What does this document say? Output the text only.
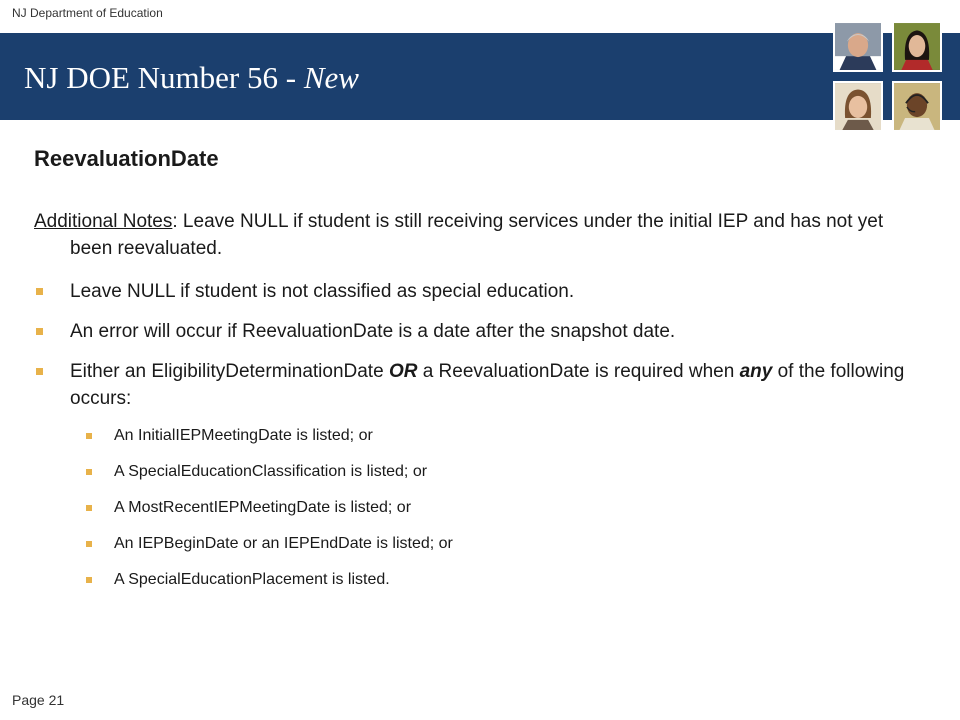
NJ Department of Education
NJ DOE Number 56 - New
ReevaluationDate

Additional Notes: Leave NULL if student is still receiving services under the initial IEP and has not yet been reevaluated.

Leave NULL if student is not classified as special education.
An error will occur if ReevaluationDate is a date after the snapshot date.
Either an EligibilityDeterminationDate OR a ReevaluationDate is required when any of the following occurs:
An InitialIEPMeetingDate is listed; or
A SpecialEducationClassification is listed; or
A MostRecentIEPMeetingDate is listed; or
An IEPBeginDate or an IEPEndDate is listed; or
A SpecialEducationPlacement is listed.
Page 21
